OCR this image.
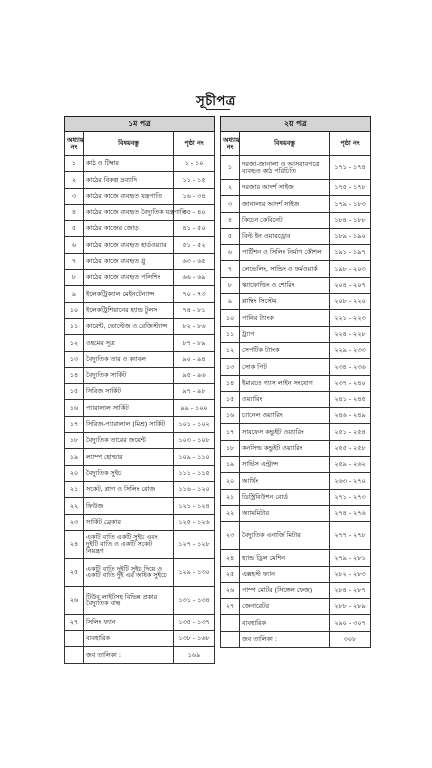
সূচীপত্র
১ম পত্র		
অধ্যায় নং	বিষয়বস্তু	পৃষ্ঠা নং
১	কাঠ ও টিম্বার	১ - ১০
২	কাঠের বিকল্প দ্রব্যাদি	১১ - ১৫
৩	কাঠের কাজে ব্যবহৃত যন্ত্রপাতি	১৬ - ৩৪
৪	কাঠের কাজে ব্যবহৃত বৈদ্যুতিক যন্ত্রপাতি	৩৫ - ৪০
৫	কাঠের কাজের জোড়	৪১ - ৫০
৬	কাঠের কাজে ব্যবহৃত হার্ডওয়্যার	৫১ - ৫২
৭	কাঠের কাজে ব্যবহৃত গ্লু	৬৩ - ৬৫
৮	কাঠের কাজে ব্যবহৃত পলিশিং	৬৬ - ৬৯
৯	ইলেকট্রিক্যাল মেইনটেন্যান্স	৭০ - ৭৩
১০	ইলেকট্রিশিয়ানের হ্যান্ড টুলস	৭৪ - ৮১
১১	কারেন্ট, ভোল্টেজ ও রেজিস্ট্যান্স	৮২ - ৮৬
১২	ওহমের সূত্র	৮৭ - ৮৯
১৩	বৈদ্যুতিক তার ও ক্যাবল	৯০ - ৯৪
১৪	বৈদ্যুতিক সার্কিট	৯৫ - ৯৬
১৫	সিরিজ সার্কিট	৯৭ - ৯৮
১৬	প্যারালাল সার্কিট	৯৯ - ১০০
১৭	সিরিজ-প্যারালাল (মিশ্র) সার্কিট	১০১ - ১০২
১৮	বৈদ্যুতিক তারের জয়েন্ট	১০৩ - ১০৮
১৯	ল্যাম্প হোল্ডার	১০৯ - ১১০
২০	বৈদ্যুতিক সুইচ	১১১ - ১১৫
২১	সকেট, প্লাগ ও সিলিং রোজ	১১৬ - ১২০
২২	ফিউজ	১২১ - ১২৪
২৩	সার্কিট ব্রেকার	১২৫ - ১২৬
২৪	একটি বাতি একটি সুইচ এবং দুইটি বাতি ও একটি সকেট নিয়ন্ত্রণ	১২৭ - ১২৮
২৫	একটি বাতি দুইটি সুইচ দিয়ে ও একটি বাতি দুই এর অধিক সুইচে	১২৯ - ১৩০
২৬	টিউব লাইটসহ বিভিন্ন প্রকার বৈদ্যুতিক বাল্ব	১৩১ - ১৩৪
২৭	সিলিং ফ্যান	১৩৫ - ১৩৭
	ব্যবহারিক	১৩৮ - ১৬৮
	জব তালিকা :	১৬৯
২য় পত্র		
অধ্যায় নং	বিষয়বস্তু	পৃষ্ঠা নং
১	দরজা-জানালা ও আসবাবপত্রে ব্যবহৃত কাঠ পরিচিতি	১৭১ - ১৭৪
২	দরজার আদর্শ সাইজ	১৭৫ - ১৭৮
৩	জানালার আদর্শ সাইজ	১৭৯ - ১৮৩
৪	কিচেন কেবিনেট	১৮৪ - ১৮৮
৫	বিল্ট ইন ওয়ারড্রোব	১৮৯ - ১৯০
৬	পার্টিশন ও সিলিং নির্মাণ কৌশল	১৯১ - ১৯৭
৭	লেভেলিং, সান্ডিং ও ফর্মওয়ার্ক	১৯৮ - ২০৩
৮	স্ক্যাফোল্ডিং ও শোরিং	২০৪ - ২০৭
৯	প্লাম্বিং সিস্টেম	২০৮ - ২২০
১০	পানির ট্যাংক	২২১ - ২২৩
১১	ট্র্যাপ	২২৪ - ২২৮
১২	সেপটিক ট্যাংক	২২৯ - ২৩৩
১৩	সোক পিট	২৩৪ - ২৩৬
১৪	ইমারতে গ্যাস লাইন সংযোগ	২৩৭ - ২৪০
১৫	ওয়্যারিং	২৪১ - ২৪৫
১৬	চ্যানেল ওয়্যারিং	২৪৬ - ২৪৯
১৭	সারফেস কন্ডুইট ওয়্যারিং	২৫১ - ২৫৪
১৮	কনসিল্ড কন্ডুইট ওয়্যারিং	২৫৫ - ২৫৮
১৯	সার্ভিস এন্ট্রান্স	২৫৯ - ২৬২
২০	আর্থিং	২৬৩ - ২৭০
২১	ডিস্ট্রিবিউশন বোর্ড	২৭১ - ২৭৩
২২	অ্যামমিটার	২৭৪ - ২৭৬
২৩	বৈদ্যুতিক এনার্জি মিটার	২৭৭ - ২৭৮
২৪	হ্যান্ড ড্রিল মেশিন	২৭৯ - ২৮১
২৫	এক্সহস্ট ফ্যান	২৮২ - ২৮৩
২৬	পাম্প মোটর (সিঙ্গেল ফেজ)	২৮৪ - ২৮৭
২৭	জেনারেটর	২৮৮ - ২৮৯
	ব্যবহারিক	২৯০ - ৩০৭
	জব তালিকা :	৩০৮
